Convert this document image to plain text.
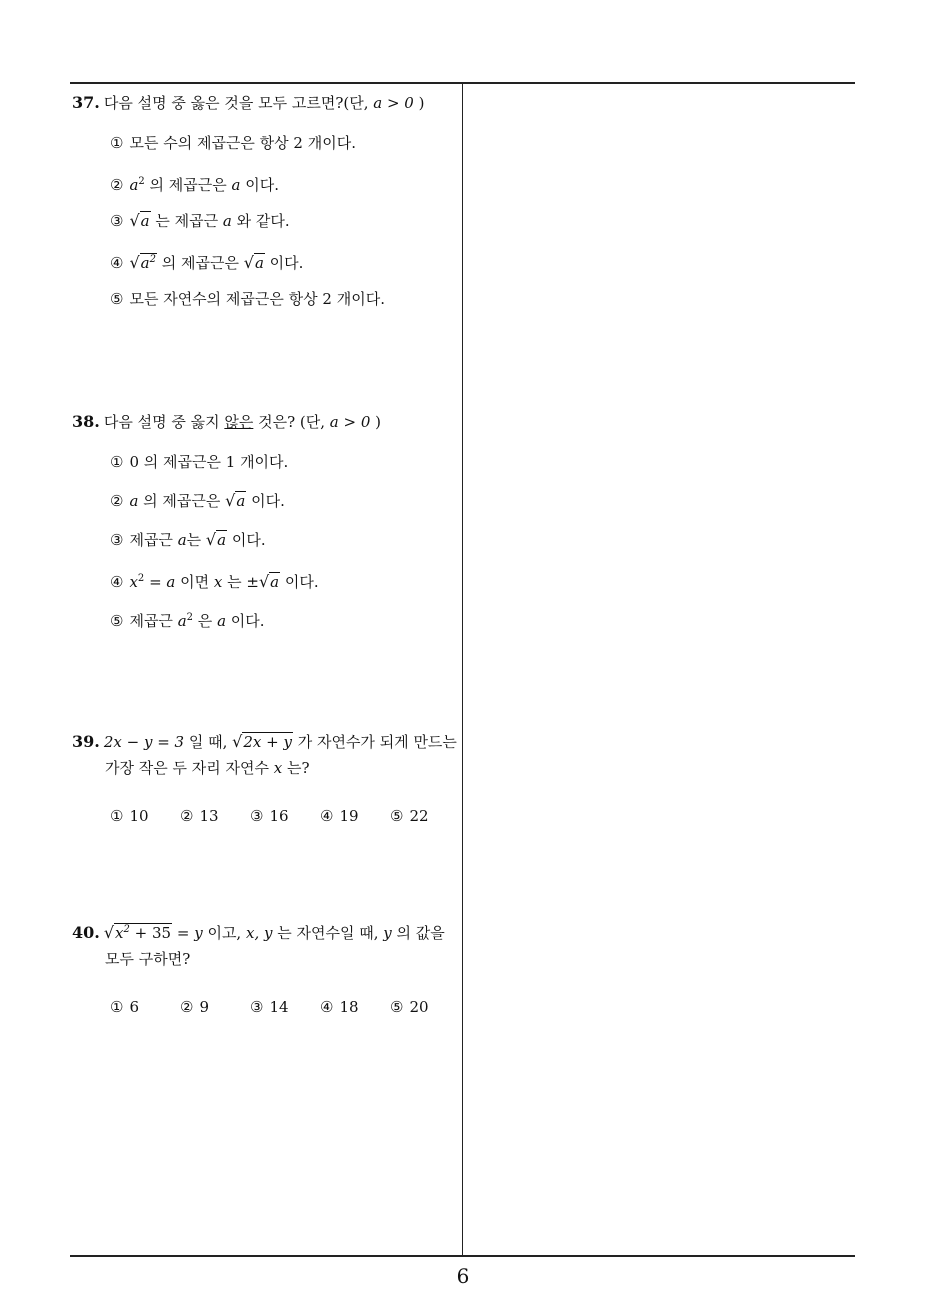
37. 다음 설명 중 옳은 것을 모두 고르면?(단, a > 0 )
① 모든 수의 제곱근은 항상 2 개이다.
② $a^2$ 의 제곱근은 a 이다.
③ √a 는 제곱근 a 와 같다.
④ $√a^2$ 의 제곱근은 √a 이다.
⑤ 모든 자연수의 제곱근은 항상 2 개이다.
38. 다음 설명 중 옳지 않은 것은? (단, a > 0 )
① 0 의 제곱근은 1 개이다.
② a 의 제곱근은 √a 이다.
③ 제곱근 a는 √a 이다.
④ $x^2 = a$ 이면 x 는 ±√a 이다.
⑤ 제곱근 $a^2$ 은 a 이다.
39. 2x − y = 3 일 때, √2x + y 가 자연수가 되게 만드는
가장 작은 두 자리 자연수 x 는?
① 10	② 13	③ 16	④ 19	⑤ 22
40. $√x^2 + 35 = y$ 이고, x, y 는 자연수일 때, y 의 값을
모두 구하면?
① 6	② 9	③ 14	④ 18	⑤ 20
6
